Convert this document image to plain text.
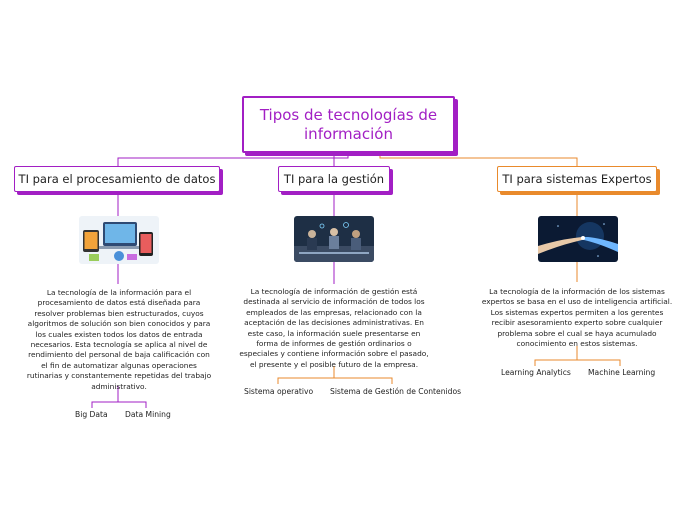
Tipos de tecnologías de información
TI para el procesamiento de datos	TI para la gestión	TI para sistemas Expertos
La tecnología de la información para el procesamiento de datos está diseñada para resolver problemas bien estructurados, cuyos algoritmos de solución son bien conocidos y para los cuales existen todos los datos de entrada necesarios. Esta tecnología se aplica al nivel de rendimiento del personal de baja calificación con el fin de automatizar algunas operaciones rutinarias y constantemente repetidas del trabajo administrativo.
La tecnología de información de gestión está destinada al servicio de información de todos los empleados de las empresas, relacionado con la aceptación de las decisiones administrativas. En este caso, la información suele presentarse en forma de informes de gestión ordinarios o especiales y contiene información sobre el pasado, el presente y el posible futuro de la empresa.
La tecnología de la información de los sistemas expertos se basa en el uso de inteligencia artificial. Los sistemas expertos permiten a los gerentes recibir asesoramiento experto sobre cualquier problema sobre el cual se haya acumulado conocimiento en estos sistemas.
Big Data Data Mining
Sistema operativo Sistema de Gestión de Contenidos
Learning Analytics Machine Learning
